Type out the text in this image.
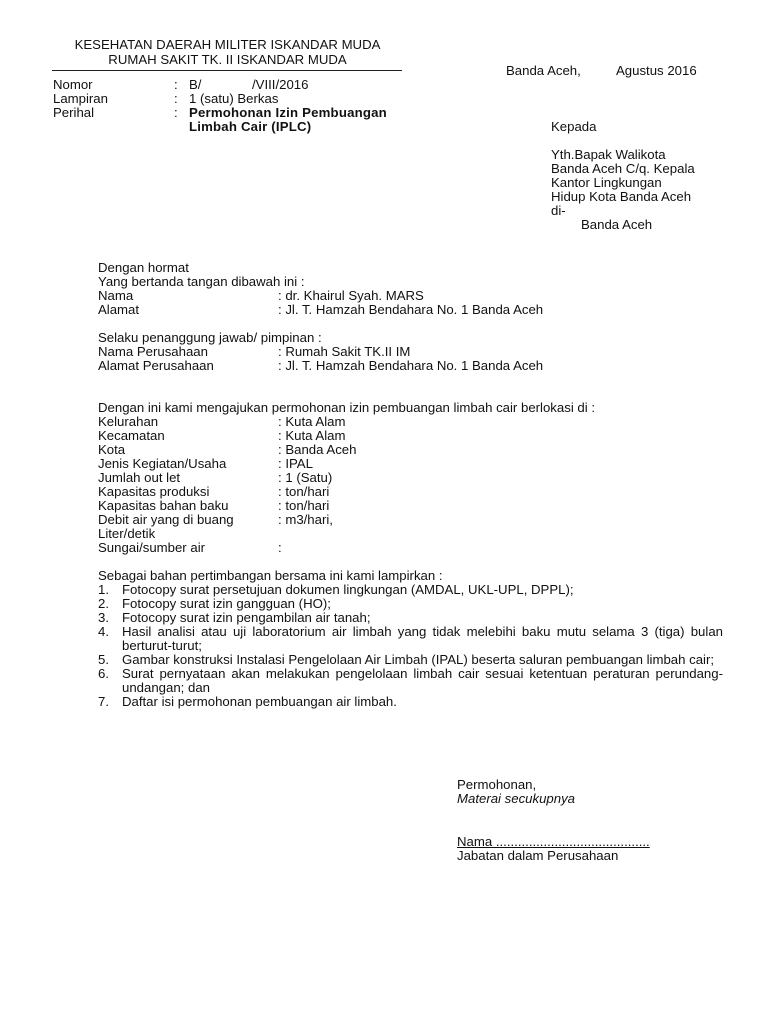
KESEHATAN DAERAH MILITER ISKANDAR MUDA
RUMAH SAKIT TK. II ISKANDAR MUDA
Banda Aceh,	Agustus 2016
Nomor	: B/	/VIII/2016
Lampiran	: 1 (satu) Berkas
Perihal	: Permohonan Izin Pembuangan
Limbah Cair (IPLC)	Kepada
Yth.Bapak Walikota
Banda Aceh C/q. Kepala
Kantor Lingkungan
Hidup Kota Banda Aceh
di-
Banda Aceh
Dengan hormat
Yang bertanda tangan dibawah ini :
Nama	: dr. Khairul Syah. MARS
Alamat	: Jl. T. Hamzah Bendahara No. 1 Banda Aceh
Selaku penanggung jawab/ pimpinan :
Nama Perusahaan	: Rumah Sakit TK.II IM
Alamat Perusahaan	: Jl. T. Hamzah Bendahara No. 1 Banda Aceh
Dengan ini kami mengajukan permohonan izin pembuangan limbah cair berlokasi di :
Kelurahan	: Kuta Alam
Kecamatan	: Kuta Alam
Kota	: Banda Aceh
Jenis Kegiatan/Usaha	: IPAL
Jumlah out let	: 1 (Satu)
Kapasitas produksi	: ton/hari
Kapasitas bahan baku	: ton/hari
Debit air yang di buang	: m3/hari,
Liter/detik
Sungai/sumber air	:
Sebagai bahan pertimbangan bersama ini kami lampirkan :
1. Fotocopy surat persetujuan dokumen lingkungan (AMDAL, UKL-UPL, DPPL);
2. Fotocopy surat izin gangguan (HO);
3. Fotocopy surat izin pengambilan air tanah;
4. Hasil analisi atau uji laboratorium air limbah yang tidak melebihi baku mutu selama 3 (tiga) bulan berturut-turut;
5. Gambar konstruksi Instalasi Pengelolaan Air Limbah (IPAL) beserta saluran pembuangan limbah cair;
6. Surat pernyataan akan melakukan pengelolaan limbah cair sesuai ketentuan peraturan perundang-undangan; dan
7. Daftar isi permohonan pembuangan air limbah.
Permohonan,
Materai secukupnya
Nama ..........................................
Jabatan dalam Perusahaan
